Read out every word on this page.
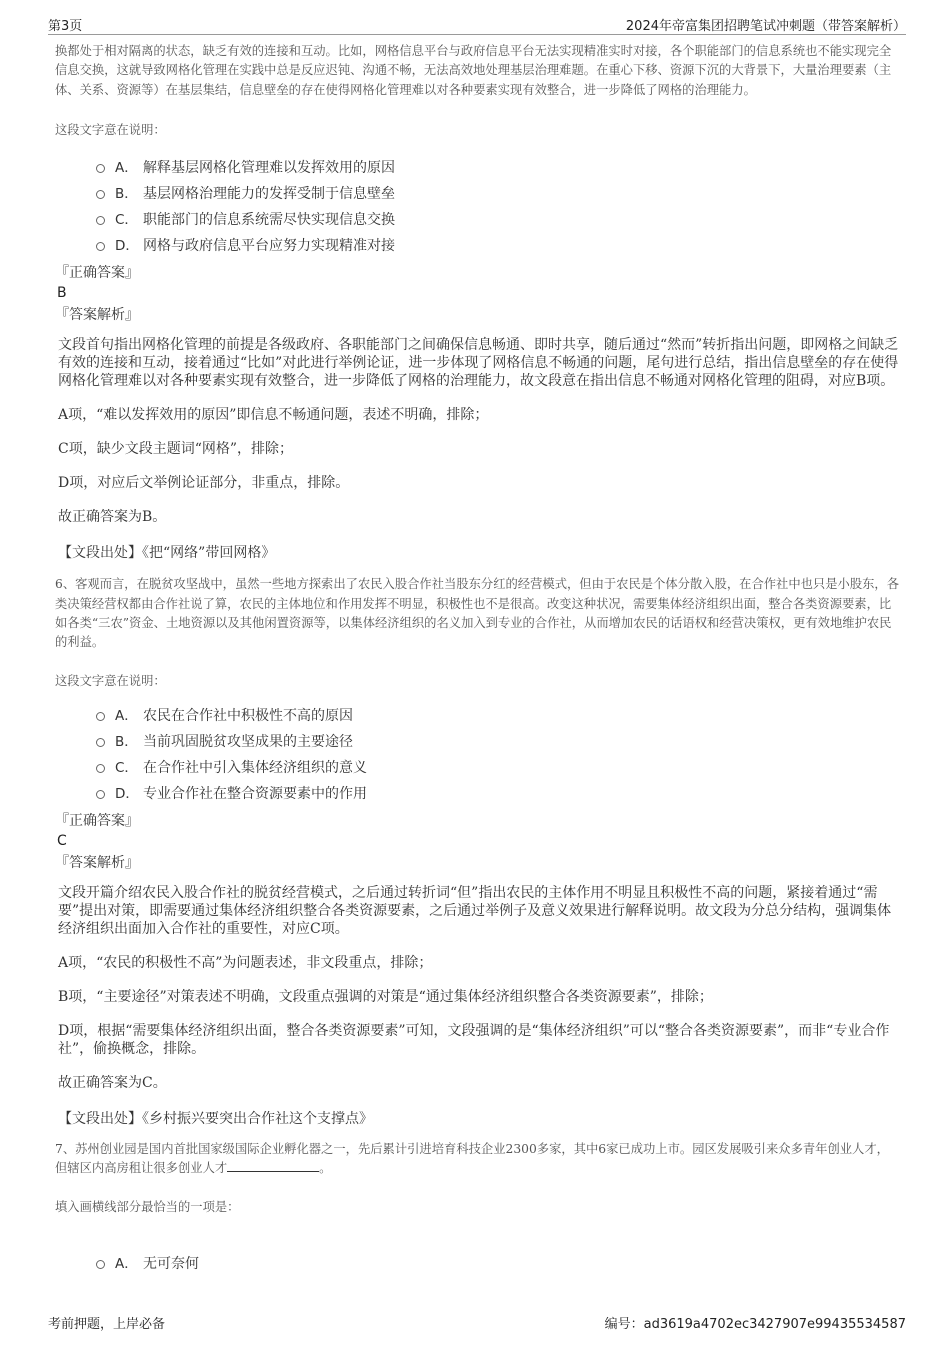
第3页	2024年帝富集团招聘笔试冲刺题（带答案解析）

换都处于相对隔离的状态，缺乏有效的连接和互动。比如，网格信息平台与政府信息平台无法实现精准实时对接，各个职能部门的信息系统也不能实现完全信息交换，这就导致网格化管理在实践中总是反应迟钝、沟通不畅，无法高效地处理基层治理难题。在重心下移、资源下沉的大背景下，大量治理要素（主体、关系、资源等）在基层集结，信息壁垒的存在使得网格化管理难以对各种要素实现有效整合，进一步降低了网格的治理能力。

这段文字意在说明：

A． 解释基层网格化管理难以发挥效用的原因
B． 基层网格治理能力的发挥受制于信息壁垒
C． 职能部门的信息系统需尽快实现信息交换
D． 网格与政府信息平台应努力实现精准对接

『正确答案』

B

『答案解析』

文段首句指出网格化管理的前提是各级政府、各职能部门之间确保信息畅通、即时共享，随后通过“然而”转折指出问题，即网格之间缺乏有效的连接和互动，接着通过“比如”对此进行举例论证，进一步体现了网格信息不畅通的问题，尾句进行总结，指出信息壁垒的存在使得网格化管理难以对各种要素实现有效整合，进一步降低了网格的治理能力，故文段意在指出信息不畅通对网格化管理的阻碍，对应B项。

A项，“难以发挥效用的原因”即信息不畅通问题，表述不明确，排除；

C项，缺少文段主题词“网格”，排除；

D项，对应后文举例论证部分，非重点，排除。

故正确答案为B。

【文段出处】《把“网络”带回网格》

6、客观而言，在脱贫攻坚战中，虽然一些地方探索出了农民入股合作社当股东分红的经营模式，但由于农民是个体分散入股，在合作社中也只是小股东，各类决策经营权都由合作社说了算，农民的主体地位和作用发挥不明显，积极性也不是很高。改变这种状况，需要集体经济组织出面，整合各类资源要素，比如各类“三农”资金、土地资源以及其他闲置资源等，以集体经济组织的名义加入到专业的合作社，从而增加农民的话语权和经营决策权，更有效地维护农民的利益。

这段文字意在说明：

A． 农民在合作社中积极性不高的原因
B． 当前巩固脱贫攻坚成果的主要途径
C． 在合作社中引入集体经济组织的意义
D． 专业合作社在整合资源要素中的作用

『正确答案』

C

『答案解析』

文段开篇介绍农民入股合作社的脱贫经营模式，之后通过转折词“但”指出农民的主体作用不明显且积极性不高的问题，紧接着通过“需要”提出对策，即需要通过集体经济组织整合各类资源要素，之后通过举例子及意义效果进行解释说明。故文段为分总分结构，强调集体经济组织出面加入合作社的重要性，对应C项。

A项，“农民的积极性不高”为问题表述，非文段重点，排除；

B项，“主要途径”对策表述不明确，文段重点强调的对策是“通过集体经济组织整合各类资源要素”，排除；

D项，根据“需要集体经济组织出面，整合各类资源要素”可知，文段强调的是“集体经济组织”可以“整合各类资源要素”，而非“专业合作社”，偷换概念，排除。

故正确答案为C。

【文段出处】《乡村振兴要突出合作社这个支撑点》

7、苏州创业园是国内首批国家级国际企业孵化器之一，先后累计引进培育科技企业2300多家，其中6家已成功上市。园区发展吸引来众多青年创业人才，但辖区内高房租让很多创业人才	。

填入画横线部分最恰当的一项是：

A． 无可奈何
考前押题，上岸必备	编号：ad3619a4702ec3427907e99435534587
